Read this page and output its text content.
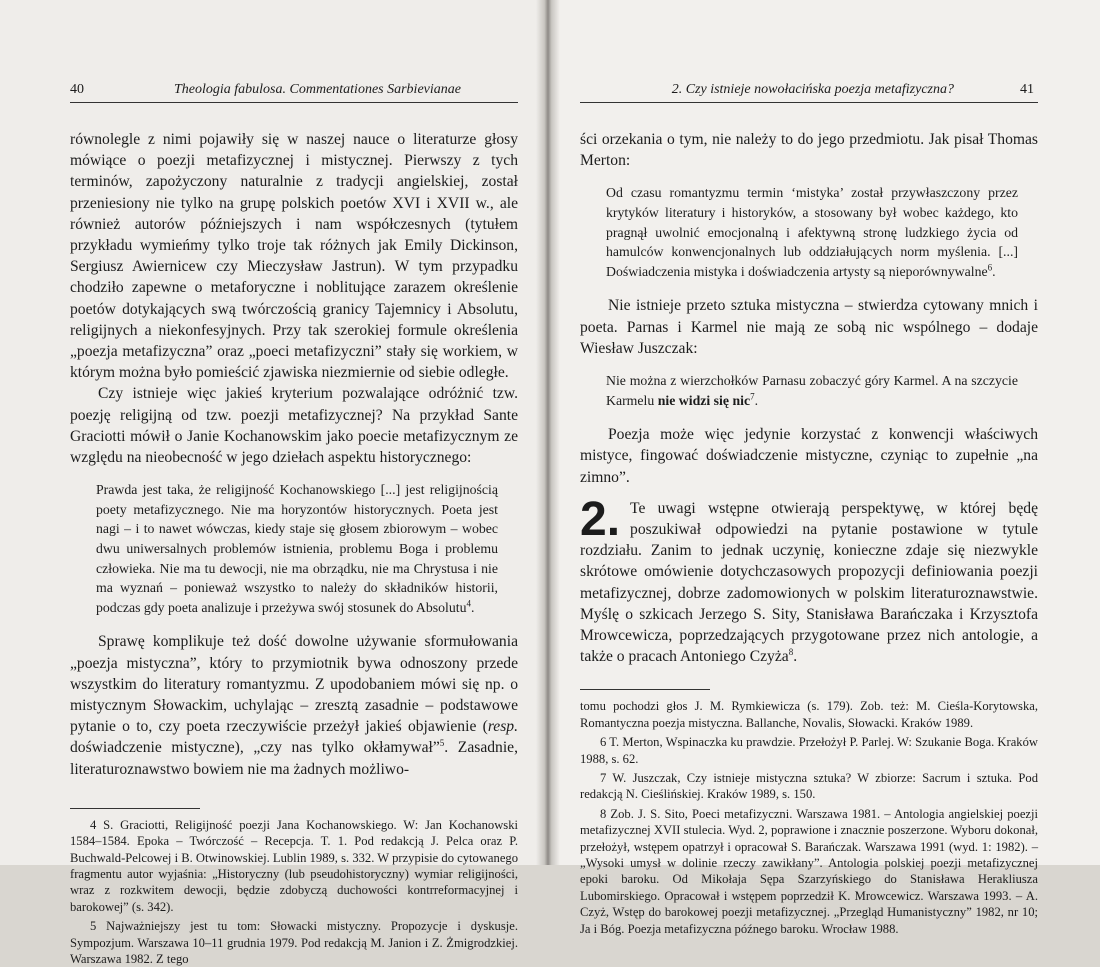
40	Theologia fabulosa. Commentationes Sarbievianae

równolegle z nimi pojawiły się w naszej nauce o literaturze głosy mówiące o poezji metafizycznej i mistycznej. Pierwszy z tych terminów, zapożyczony naturalnie z tradycji angielskiej, został przeniesiony nie tylko na grupę polskich poetów XVI i XVII w., ale również autorów późniejszych i nam współczesnych (tytułem przykładu wymieńmy tylko troje tak różnych jak Emily Dickinson, Sergiusz Awiernicew czy Mieczysław Jastrun). W tym przypadku chodziło zapewne o metaforyczne i noblitujące zarazem określenie poetów dotykających swą twórczością granicy Tajemnicy i Absolutu, religijnych a niekonfesyjnych. Przy tak szerokiej formule określenia „poezja metafizyczna” oraz „poeci metafizyczni” stały się workiem, w którym można było pomieścić zjawiska niezmiernie od siebie odległe.

Czy istnieje więc jakieś kryterium pozwalające odróżnić tzw. poezję religijną od tzw. poezji metafizycznej? Na przykład Sante Graciotti mówił o Janie Kochanowskim jako poecie metafizycznym ze względu na nieobecność w jego dziełach aspektu historycznego:

Prawda jest taka, że religijność Kochanowskiego [...] jest religijnością poety metafizycznego. Nie ma horyzontów historycznych. Poeta jest nagi – i to nawet wówczas, kiedy staje się głosem zbiorowym – wobec dwu uniwersalnych problemów istnienia, problemu Boga i problemu człowieka. Nie ma tu dewocji, nie ma obrządku, nie ma Chrystusa i nie ma wyznań – ponieważ wszystko to należy do składników historii, podczas gdy poeta analizuje i przeżywa swój stosunek do Absolutu$^4$.

Sprawę komplikuje też dość dowolne używanie sformułowania „poezja mistyczna”, który to przymiotnik bywa odnoszony przede wszystkim do literatury romantyzmu. Z upodobaniem mówi się np. o mistycznym Słowackim, uchylając – zresztą zasadnie – podstawowe pytanie o to, czy poeta rzeczywiście przeżył jakieś objawienie (resp. doświadczenie mistyczne), „czy nas tylko okłamywał”$^5$. Zasadnie, literaturoznawstwo bowiem nie ma żadnych możliwo-

4 S. Graciotti, Religijność poezji Jana Kochanowskiego. W: Jan Kochanowski 1584–1584. Epoka – Twórczość – Recepcja. T. 1. Pod redakcją J. Pelca oraz P. Buchwald-Pelcowej i B. Otwinowskiej. Lublin 1989, s. 332. W przypisie do cytowanego fragmentu autor wyjaśnia: „Historyczny (lub pseudohistoryczny) wymiar religijności, wraz z rozkwitem dewocji, będzie zdobyczą duchowości kontrreformacyjnej i barokowej” (s. 342).

5 Najważniejszy jest tu tom: Słowacki mistyczny. Propozycje i dyskusje. Sympozjum. Warszawa 10–11 grudnia 1979. Pod redakcją M. Janion i Z. Żmigrodzkiej. Warszawa 1982. Z tego

2. Czy istnieje nowołacińska poezja metafizyczna?	41

ści orzekania o tym, nie należy to do jego przedmiotu. Jak pisał Thomas Merton:

Od czasu romantyzmu termin ‘mistyka’ został przywłaszczony przez krytyków literatury i historyków, a stosowany był wobec każdego, kto pragnął uwolnić emocjonalną i afektywną stronę ludzkiego życia od hamulców konwencjonalnych lub oddziałujących norm myślenia. [...] Doświadczenia mistyka i doświadczenia artysty są nieporównywalne$^6$.

Nie istnieje przeto sztuka mistyczna – stwierdza cytowany mnich i poeta. Parnas i Karmel nie mają ze sobą nic wspólnego – dodaje Wiesław Juszczak:

Nie można z wierzchołków Parnasu zobaczyć góry Karmel. A na szczycie Karmelu nie widzi się nic$^7$.

Poezja może więc jedynie korzystać z konwencji właściwych mistyce, fingować doświadczenie mistyczne, czyniąc to zupełnie „na zimno”.

2. Te uwagi wstępne otwierają perspektywę, w której będę poszukiwał odpowiedzi na pytanie postawione w tytule rozdziału. Zanim to jednak uczynię, konieczne zdaje się niezwykle skrótowe omówienie dotychczasowych propozycji definiowania poezji metafizycznej, dobrze zadomowionych w polskim literaturoznawstwie. Myślę o szkicach Jerzego S. Sity, Stanisława Barańczaka i Krzysztofa Mrowcewicza, poprzedzających przygotowane przez nich antologie, a także o pracach Antoniego Czyża$^8$.

tomu pochodzi głos J. M. Rymkiewicza (s. 179). Zob. też: M. Cieśla-Korytowska, Romantyczna poezja mistyczna. Ballanche, Novalis, Słowacki. Kraków 1989.

6 T. Merton, Wspinaczka ku prawdzie. Przełożył P. Parlej. W: Szukanie Boga. Kraków 1988, s. 62.

7 W. Juszczak, Czy istnieje mistyczna sztuka? W zbiorze: Sacrum i sztuka. Pod redakcją N. Cieślińskiej. Kraków 1989, s. 150.

8 Zob. J. S. Sito, Poeci metafizyczni. Warszawa 1981. – Antologia angielskiej poezji metafizycznej XVII stulecia. Wyd. 2, poprawione i znacznie poszerzone. Wyboru dokonał, przełożył, wstępem opatrzył i opracował S. Barańczak. Warszawa 1991 (wyd. 1: 1982). – „Wysoki umysł w dolinie rzeczy zawikłany”. Antologia polskiej poezji metafizycznej epoki baroku. Od Mikołaja Sępa Szarzyńskiego do Stanisława Herakliusza Lubomirskiego. Opracował i wstępem poprzedził K. Mrowcewicz. Warszawa 1993. – A. Czyż, Wstęp do barokowej poezji metafizycznej. „Przegląd Humanistyczny” 1982, nr 10; Ja i Bóg. Poezja metafizyczna późnego baroku. Wrocław 1988.
